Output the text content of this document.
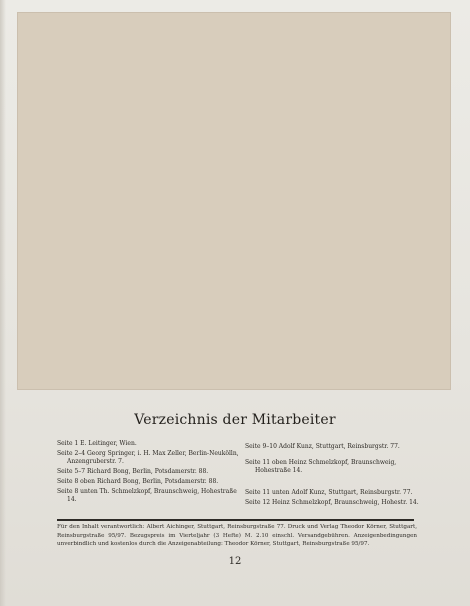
Verzeichnis der Mitarbeiter
Seite 1 E. Leitinger, Wien.
Seite 2–4 Georg Springer, i. H. Max Zeller, Berlin-Neukölln, Anzengruberstr. 7.
Seite 5–7 Richard Bong, Berlin, Potsdamerstr. 88.
Seite 8 oben Richard Bong, Berlin, Potsdamerstr. 88.
Seite 8 unten Th. Schmelzkopf, Braunschweig, Hohestraße 14.
Seite 9–10 Adolf Kunz, Stuttgart, Reinsburgstr. 77.
Seite 11 oben Heinz Schmelzkopf, Braunschweig, Hohestraße 14.
Seite 11 unten Adolf Kunz, Stuttgart, Reinsburgstr. 77.
Seite 12 Heinz Schmelzkopf, Braunschweig, Hohestr. 14.
Für den Inhalt verantwortlich: Albert Aichinger, Stuttgart, Reinsburgstraße 77. Druck und Verlag Theodor Körner, Stuttgart, Reinsburgstraße 95/97. Bezugspreis im Vierteljahr (3 Hefte) M. 2.10 einschl. Versandgebühren. Anzeigenbedingungen unverbindlich und kostenlos durch die Anzeigenabteilung: Theodor Körner, Stuttgart, Reinsburgstraße 95/97.
12
